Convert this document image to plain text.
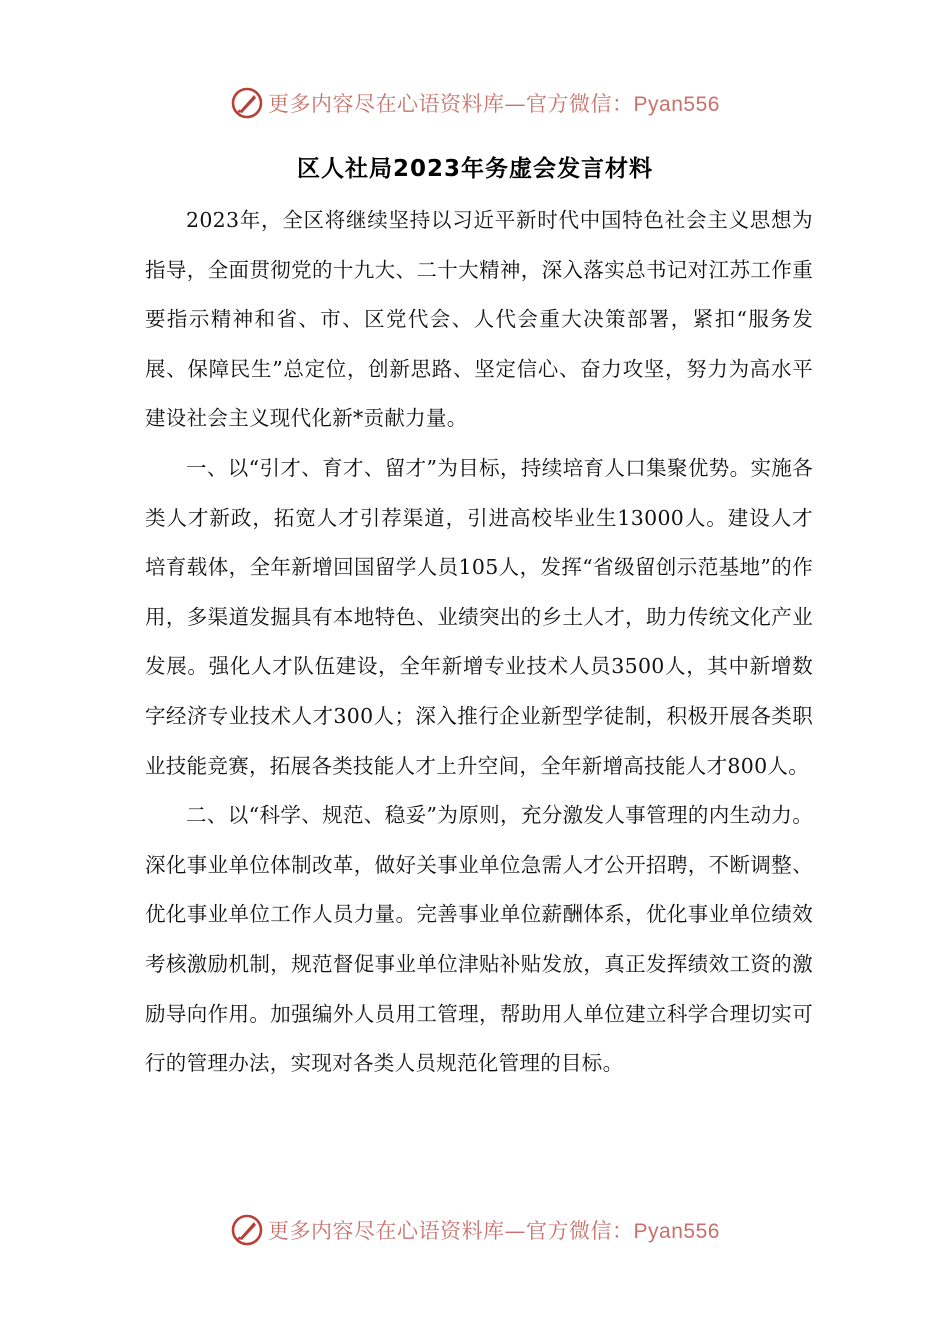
更多内容尽在心语资料库—官方微信：Pyan556
区人社局2023年务虚会发言材料

2023年，全区将继续坚持以习近平新时代中国特色社会主义思想为指导，全面贯彻党的十九大、二十大精神，深入落实总书记对江苏工作重要指示精神和省、市、区党代会、人代会重大决策部署，紧扣“服务发展、保障民生”总定位，创新思路、坚定信心、奋力攻坚，努力为高水平建设社会主义现代化新*贡献力量。

一、以“引才、育才、留才”为目标，持续培育人口集聚优势。实施各类人才新政，拓宽人才引荐渠道，引进高校毕业生13000人。建设人才培育载体，全年新增回国留学人员105人，发挥“省级留创示范基地”的作用，多渠道发掘具有本地特色、业绩突出的乡土人才，助力传统文化产业发展。强化人才队伍建设，全年新增专业技术人员3500人，其中新增数字经济专业技术人才300人；深入推行企业新型学徒制，积极开展各类职业技能竞赛，拓展各类技能人才上升空间，全年新增高技能人才800人。

二、以“科学、规范、稳妥”为原则，充分激发人事管理的内生动力。深化事业单位体制改革，做好关事业单位急需人才公开招聘，不断调整、优化事业单位工作人员力量。完善事业单位薪酬体系，优化事业单位绩效考核激励机制，规范督促事业单位津贴补贴发放，真正发挥绩效工资的激励导向作用。加强编外人员用工管理，帮助用人单位建立科学合理切实可行的管理办法，实现对各类人员规范化管理的目标。

更多内容尽在心语资料库—官方微信：Pyan556
